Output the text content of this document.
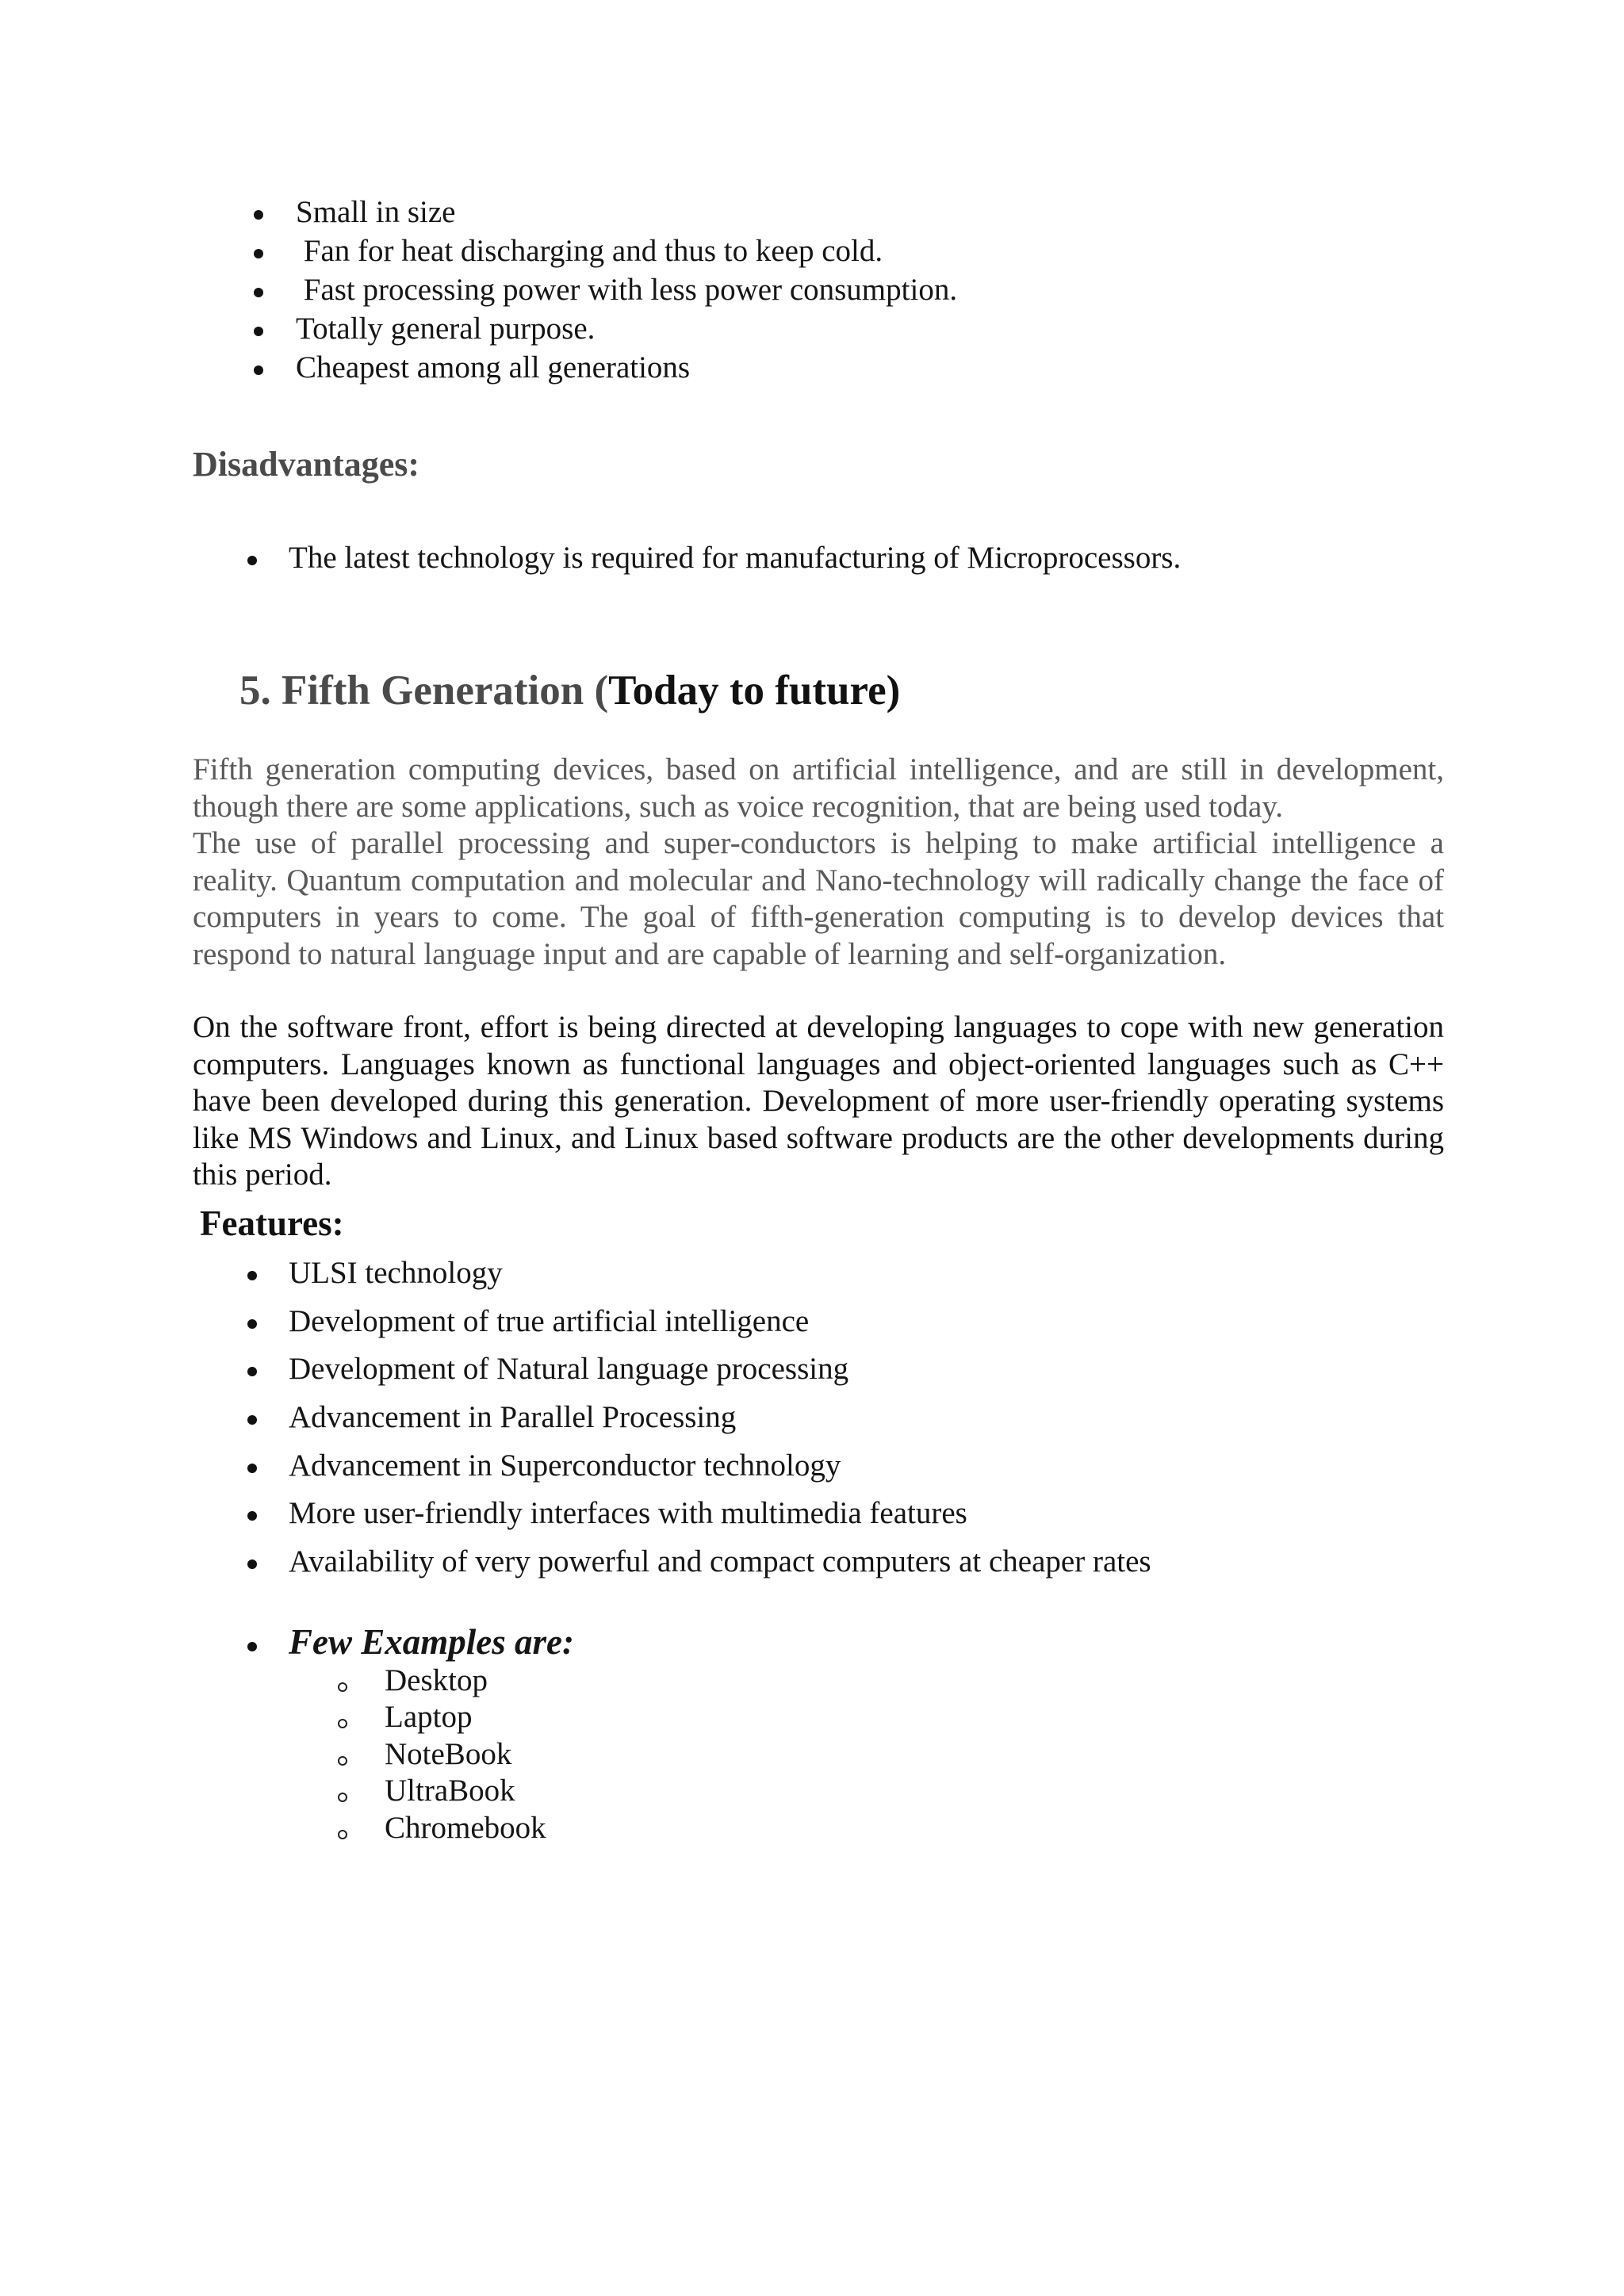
Small in size
Fan for heat discharging and thus to keep cold.
Fast processing power with less power consumption.
Totally general purpose.
Cheapest among all generations
Disadvantages:
The latest technology is required for manufacturing of Microprocessors.
5. Fifth Generation (Today to future)

Fifth generation computing devices, based on artificial intelligence, and are still in development, though there are some applications, such as voice recognition, that are being used today.

The use of parallel processing and super-conductors is helping to make artificial intelligence a reality. Quantum computation and molecular and Nano-technology will radically change the face of computers in years to come. The goal of fifth-generation computing is to develop devices that respond to natural language input and are capable of learning and self-organization.

On the software front, effort is being directed at developing languages to cope with new generation computers. Languages known as functional languages and object-oriented languages such as C++ have been developed during this generation. Development of more user-friendly operating systems like MS Windows and Linux, and Linux based software products are the other developments during this period.

Features:
ULSI technology
Development of true artificial intelligence
Development of Natural language processing
Advancement in Parallel Processing
Advancement in Superconductor technology
More user-friendly interfaces with multimedia features
Availability of very powerful and compact computers at cheaper rates
Few Examples are:
Desktop
Laptop
NoteBook
UltraBook
Chromebook
